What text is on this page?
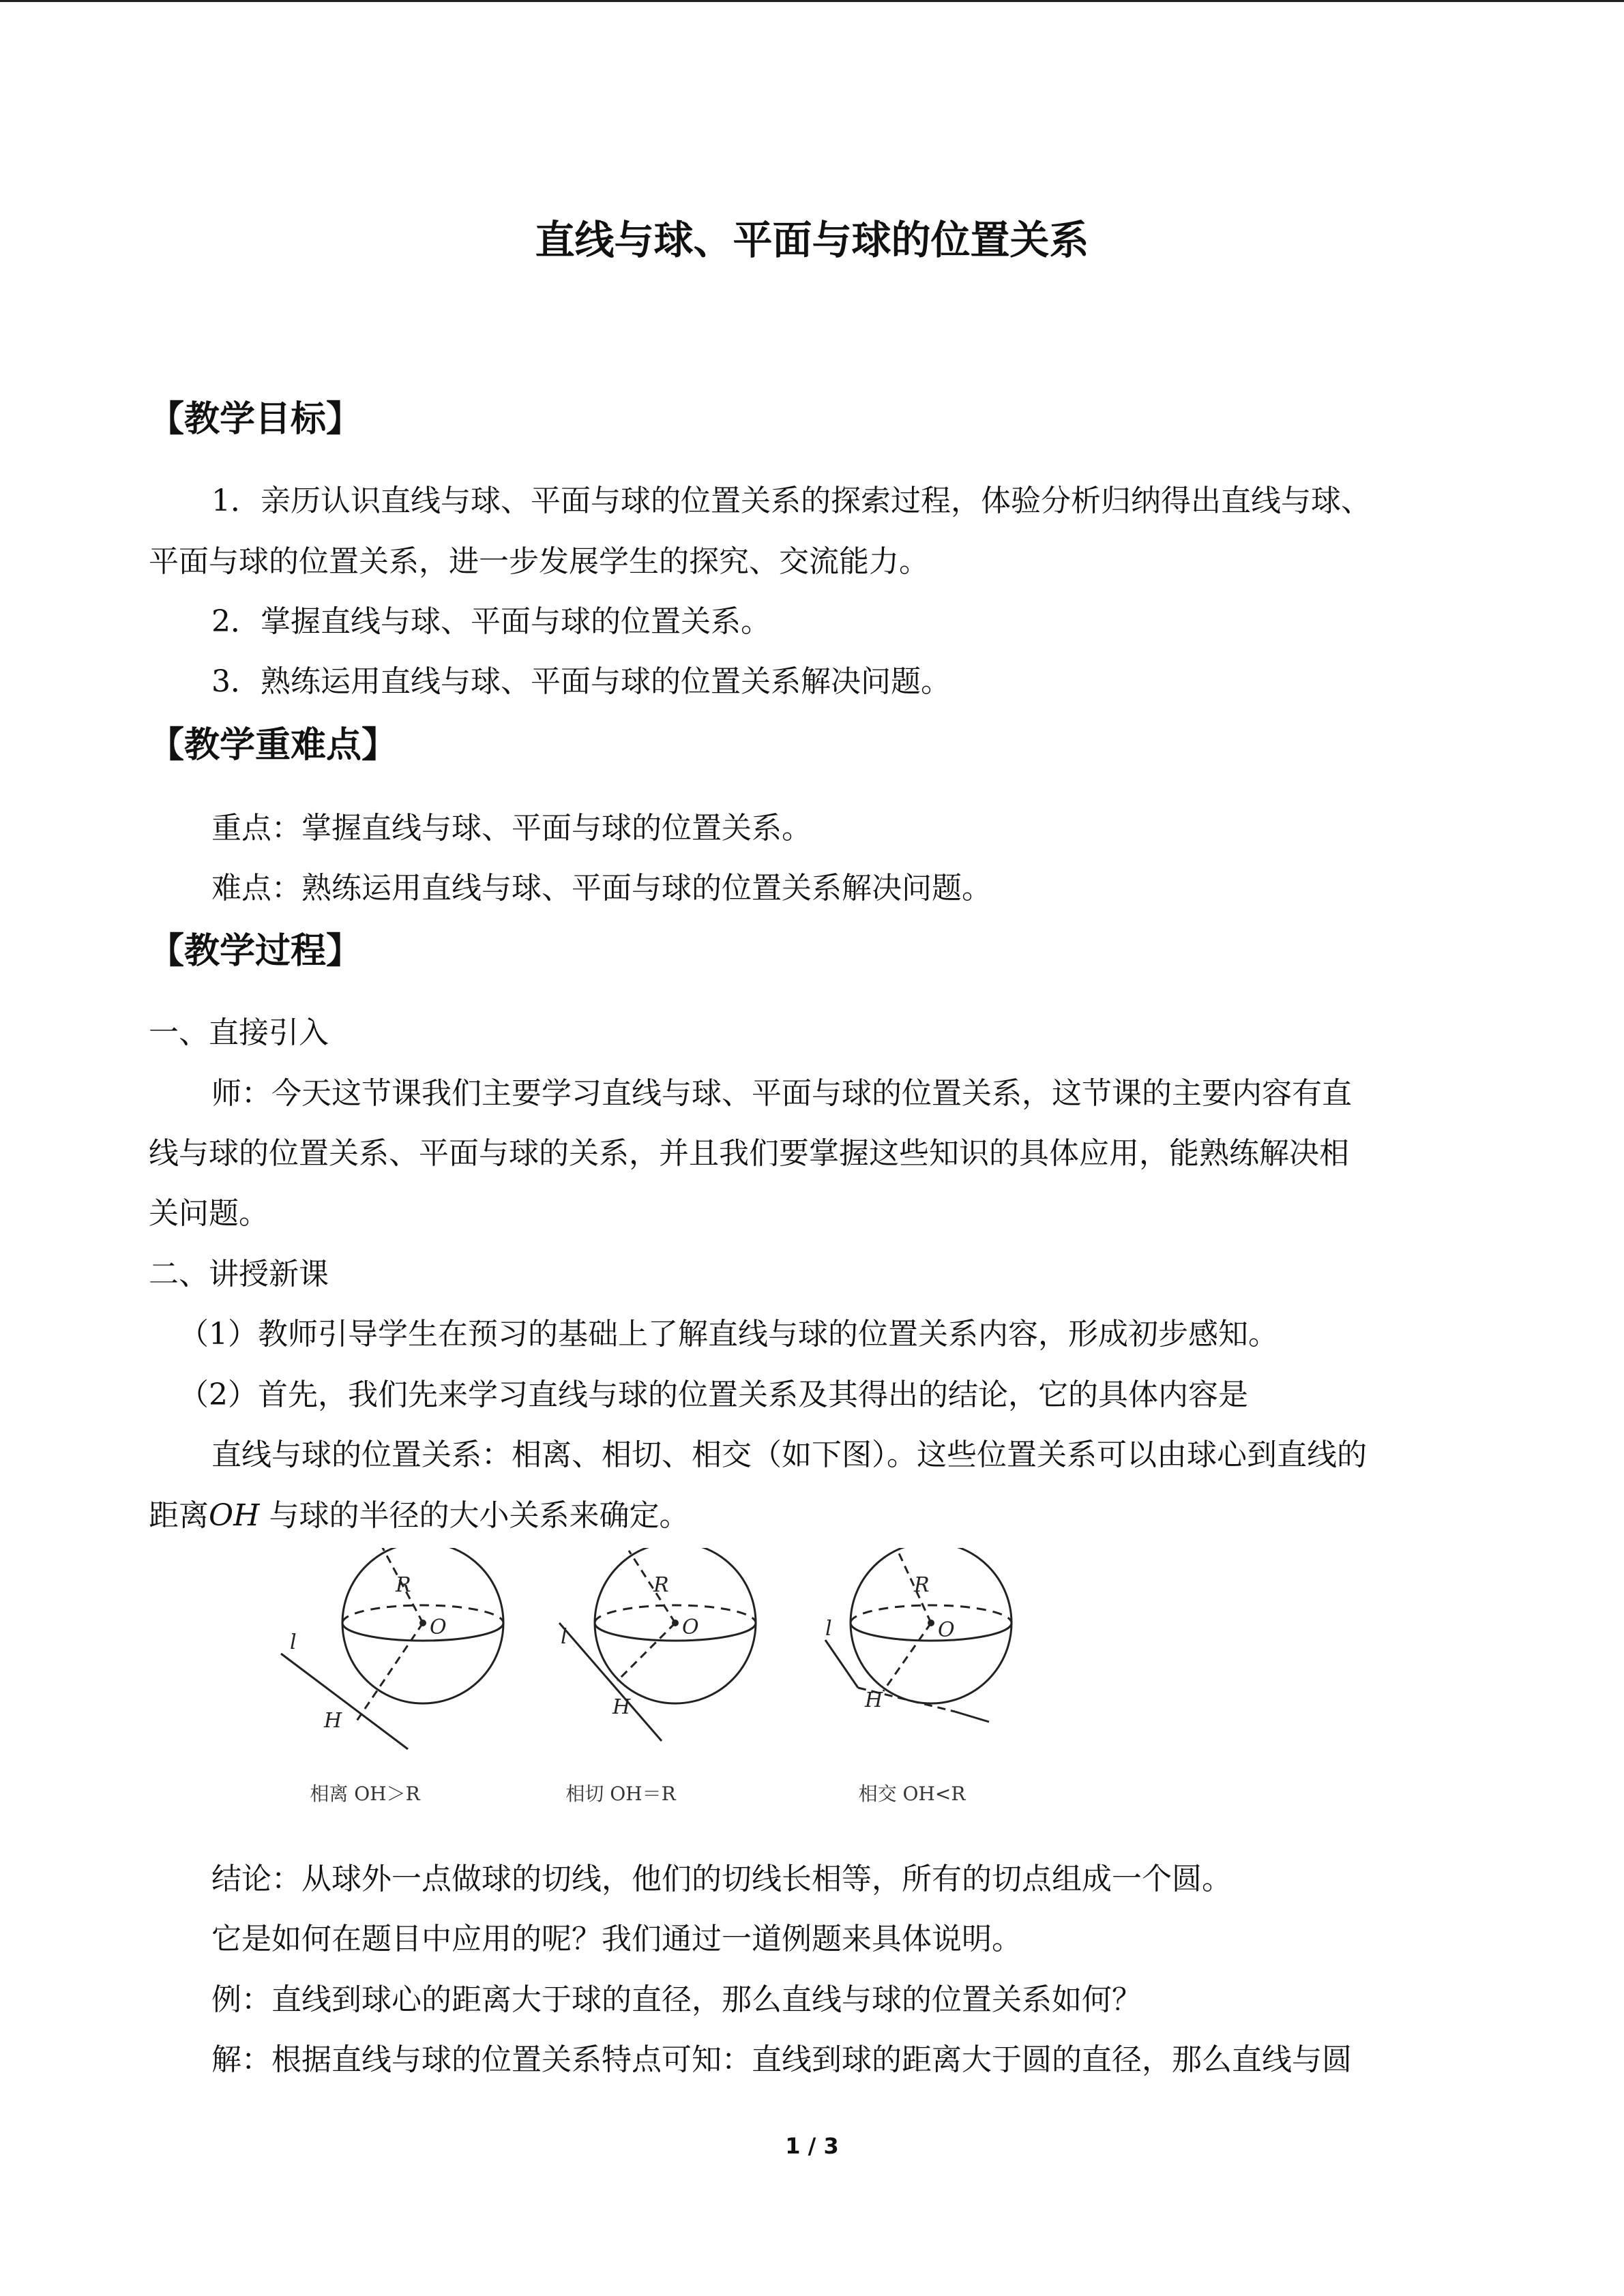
直线与球、平面与球的位置关系
【教学目标】
1．亲历认识直线与球、平面与球的位置关系的探索过程，体验分析归纳得出直线与球、
平面与球的位置关系，进一步发展学生的探究、交流能力。
2．掌握直线与球、平面与球的位置关系。
3．熟练运用直线与球、平面与球的位置关系解决问题。
【教学重难点】
重点：掌握直线与球、平面与球的位置关系。
难点：熟练运用直线与球、平面与球的位置关系解决问题。
【教学过程】
一、直接引入
师：今天这节课我们主要学习直线与球、平面与球的位置关系，这节课的主要内容有直
线与球的位置关系、平面与球的关系，并且我们要掌握这些知识的具体应用，能熟练解决相
关问题。
二、讲授新课
（1）教师引导学生在预习的基础上了解直线与球的位置关系内容，形成初步感知。
（2）首先，我们先来学习直线与球的位置关系及其得出的结论，它的具体内容是
直线与球的位置关系：相离、相切、相交（如下图）。这些位置关系可以由球心到直线的
距离OH 与球的半径的大小关系来确定。
R
O
l
H
R
O
l
H
R
O
l
H
相离 OH＞R	相切 OH＝R	相交 OH<R
结论：从球外一点做球的切线，他们的切线长相等，所有的切点组成一个圆。
它是如何在题目中应用的呢？我们通过一道例题来具体说明。
例：直线到球心的距离大于球的直径，那么直线与球的位置关系如何？
解：根据直线与球的位置关系特点可知：直线到球的距离大于圆的直径，那么直线与圆
1 / 3
